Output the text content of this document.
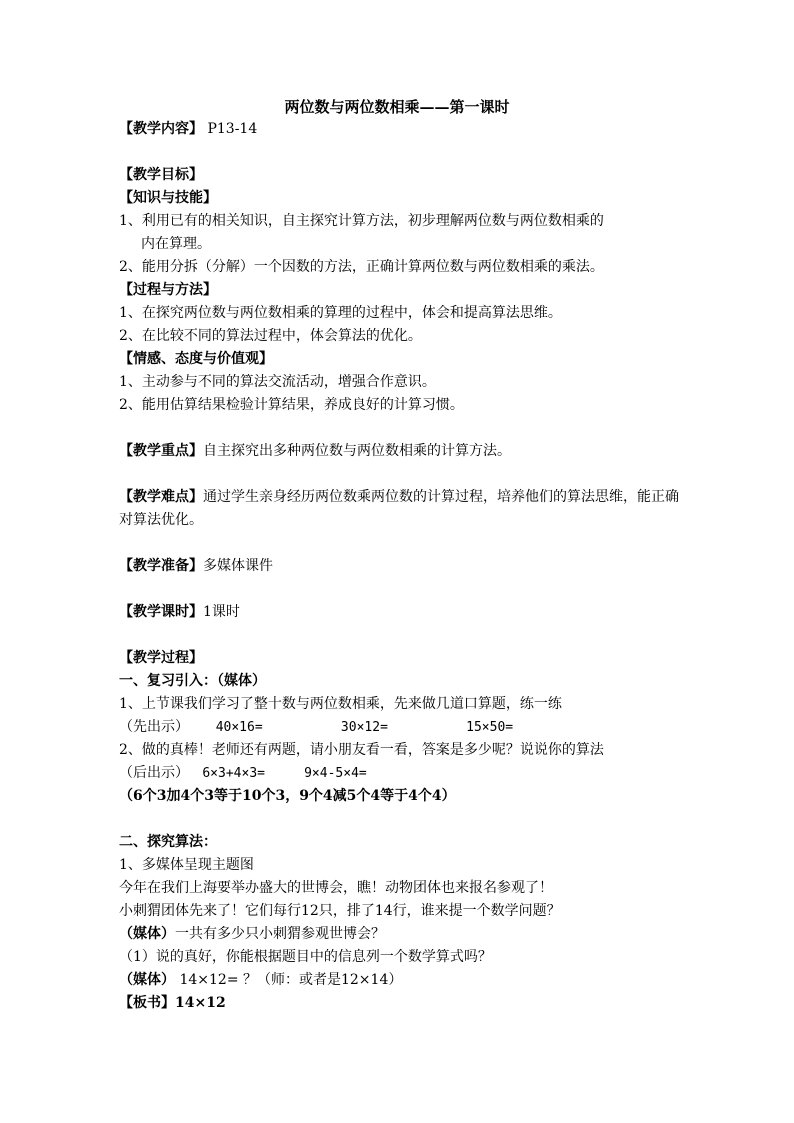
两位数与两位数相乘——第一课时
【教学内容】 P13-14
【教学目标】
【知识与技能】
1、利用已有的相关知识，自主探究计算方法，初步理解两位数与两位数相乘的
内在算理。
2、能用分拆（分解）一个因数的方法，正确计算两位数与两位数相乘的乘法。
【过程与方法】
1、在探究两位数与两位数相乘的算理的过程中，体会和提高算法思维。
2、在比较不同的算法过程中，体会算法的优化。
【情感、态度与价值观】
1、主动参与不同的算法交流活动，增强合作意识。
2、能用估算结果检验计算结果，养成良好的计算习惯。
【教学重点】自主探究出多种两位数与两位数相乘的计算方法。
【教学难点】通过学生亲身经历两位数乘两位数的计算过程，培养他们的算法思维，能正确对算法优化。
【教学准备】多媒体课件
【教学课时】1课时
【教学过程】
一、复习引入：（媒体）
1、上节课我们学习了整十数与两位数相乘，先来做几道口算题，练一练
（先出示） 40×16=          30×12=          15×50=
2、做的真棒！老师还有两题，请小朋友看一看，答案是多少呢？说说你的算法
（后出示） 6×3+4×3=     9×4-5×4=
（6个3加4个3等于10个3，9个4减5个4等于4个4）
二、探究算法：
1、多媒体呈现主题图
今年在我们上海要举办盛大的世博会，瞧！动物团体也来报名参观了！
小刺猬团体先来了！它们每行12只，排了14行，谁来提一个数学问题？
（媒体）一共有多少只小刺猬参观世博会？
（1）说的真好，你能根据题目中的信息列一个数学算式吗？
（媒体） 14×12= ？（师：或者是12×14）
【板书】14×12
